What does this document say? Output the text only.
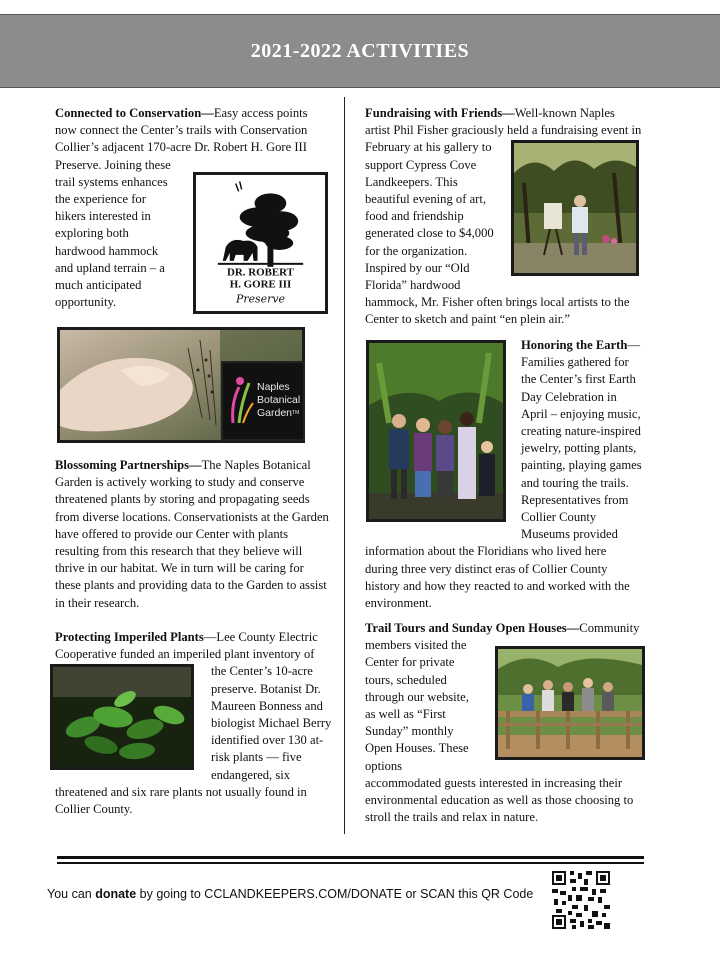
2021-2022 ACTIVITIES
Connected to Conservation—Easy access points
now connect the Center’s trails with Conservation
Collier’s adjacent 170-acre Dr. Robert H. Gore III
Preserve. Joining these
trail systems enhances
the experience for
hikers interested in
exploring both
hardwood hammock
and upland terrain – a
much anticipated
opportunity.
DR. ROBERT
H. GORE III
Preserve
Naples
Botanical
Garden™
Blossoming Partnerships—The Naples Botanical
Garden is actively working to study and conserve
threatened plants by storing and propagating seeds
from diverse locations. Conservationists at the Garden
have offered to provide our Center with plants
resulting from this research that they believe will
thrive in our habitat. We in turn will be caring for
these plants and providing data to the Garden to assist
in their research.
Protecting Imperiled Plants—Lee County Electric
Cooperative funded an imperiled plant inventory of
the Center’s 10-acre
preserve. Botanist Dr.
Maureen Bonness and
biologist Michael Berry
identified over 130 at-
risk plants — five
endangered, six
threatened and six rare plants not usually found in
Collier County.
Fundraising with Friends—Well-known Naples
artist Phil Fisher graciously held a fundraising event in
February at his gallery to
support Cypress Cove
Landkeepers. This
beautiful evening of art,
food and friendship
generated close to $4,000
for the organization.
Inspired by our “Old
Florida” hardwood
hammock, Mr. Fisher often brings local artists to the
Center to sketch and paint “en plein air.”
Honoring the Earth—
Families gathered for
the Center’s first Earth
Day Celebration in
April – enjoying music,
creating nature-inspired
jewelry, potting plants,
painting, playing games
and touring the trails.
Representatives from
Collier County
Museums provided
information about the Floridians who lived here
during three very distinct eras of Collier County
history and how they reacted to and worked with the
environment.
Trail Tours and Sunday Open Houses—Community
members visited the
Center for private
tours, scheduled
through our website,
as well as “First
Sunday” monthly
Open Houses. These
options
accommodated guests interested in increasing their
environmental education as well as those choosing to
stroll the trails and relax in nature.
You can donate by going to CCLANDKEEPERS.COM/DONATE or SCAN this QR Code
